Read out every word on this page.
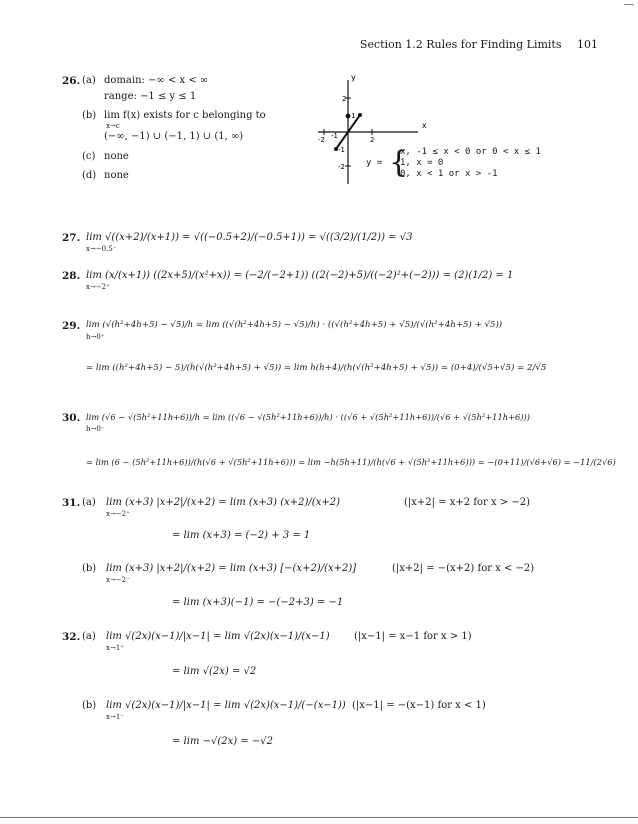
Section 1.2 Rules for Finding Limits 101
26. (a) domain: −∞ < x < ∞
range: −1 ≤ y ≤ 1
(b) lim f(x) exists for c belonging to
x→c
(−∞, −1) ∪ (−1, 1) ∪ (1, ∞)
(c) none
(d) none
y
x
2
1
-1
-2
-2 -1	2
y = {
x, -1 ≤ x < 0 or 0 < x ≤ 1
1, x = 0
0, x < 1 or x > -1
27. lim √((x+2)/(x+1)) = √((−0.5+2)/(−0.5+1)) = √((3/2)/(1/2)) = √3
x→−0.5⁻
28. lim (x/(x+1)) ((2x+5)/(x²+x)) = (−2/(−2+1)) ((2(−2)+5)/((−2)²+(−2))) = (2)(1/2) = 1
x→−2⁺
29. lim (√(h²+4h+5) − √5)/h = lim ((√(h²+4h+5) − √5)/h) · ((√(h²+4h+5) + √5)/(√(h²+4h+5) + √5))
h→0⁺
= lim ((h²+4h+5) − 5)/(h(√(h²+4h+5) + √5)) = lim h(h+4)/(h(√(h²+4h+5) + √5)) = (0+4)/(√5+√5) = 2/√5
30. lim (√6 − √(5h²+11h+6))/h = lim ((√6 − √(5h²+11h+6))/h) · ((√6 + √(5h²+11h+6))/(√6 + √(5h²+11h+6)))
h→0⁻
= lim (6 − (5h²+11h+6))/(h(√6 + √(5h²+11h+6))) = lim −h(5h+11)/(h(√6 + √(5h²+11h+6))) = −(0+11)/(√6+√6) = −11/(2√6)
31. (a) lim (x+3) |x+2|/(x+2) = lim (x+3) (x+2)/(x+2)
x→−2⁺
(|x+2| = x+2 for x > −2)
= lim (x+3) = (−2) + 3 = 1
(b) lim (x+3) |x+2|/(x+2) = lim (x+3) [−(x+2)/(x+2)]
x→−2⁻
(|x+2| = −(x+2) for x < −2)
= lim (x+3)(−1) = −(−2+3) = −1
32. (a) lim √(2x)(x−1)/|x−1| = lim √(2x)(x−1)/(x−1)
x→1⁺
(|x−1| = x−1 for x > 1)
= lim √(2x) = √2
(b) lim √(2x)(x−1)/|x−1| = lim √(2x)(x−1)/(−(x−1))
x→1⁻
(|x−1| = −(x−1) for x < 1)
= lim −√(2x) = −√2
